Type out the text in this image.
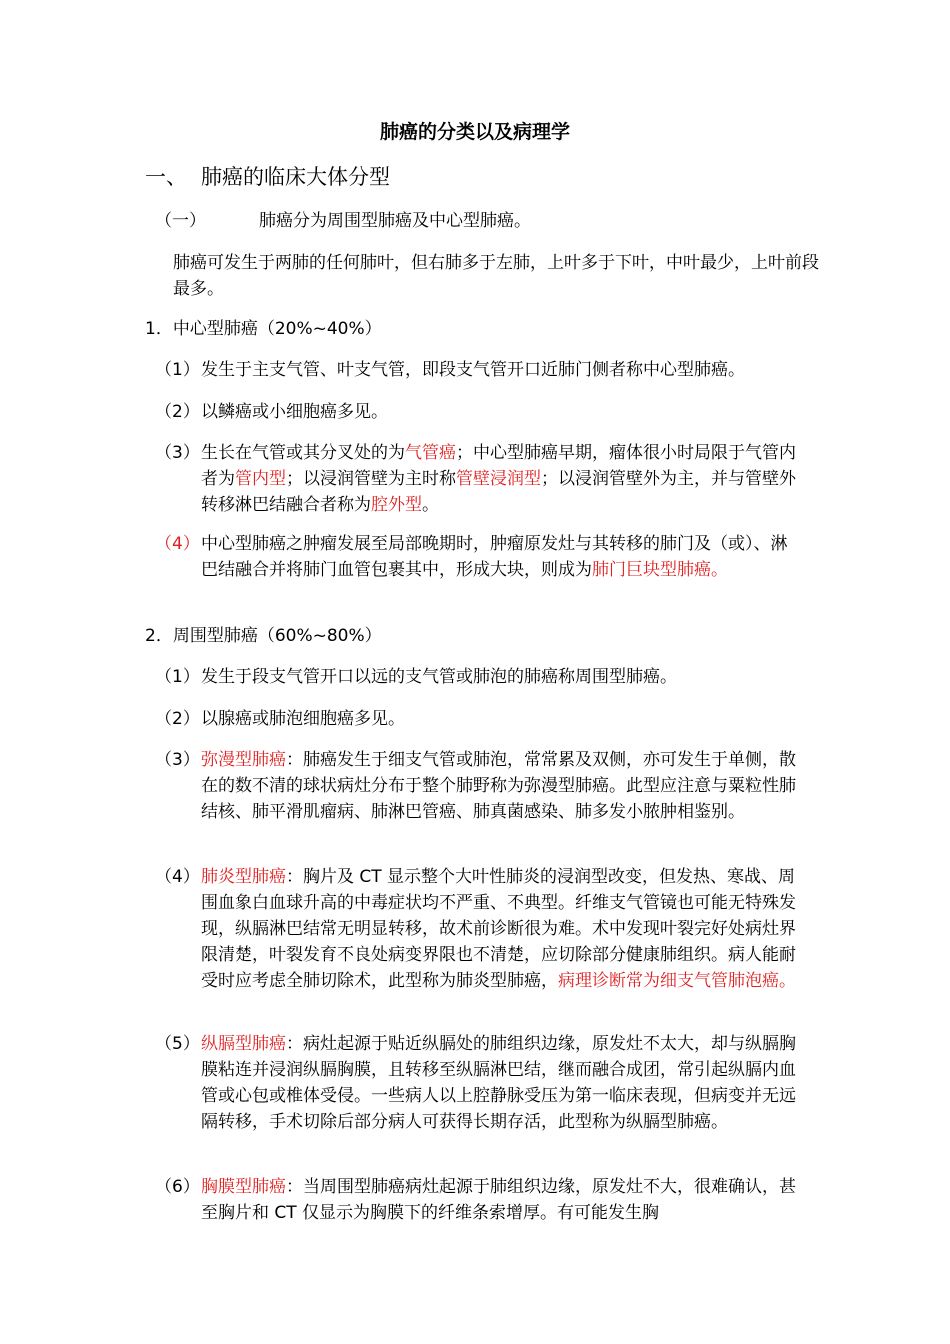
肺癌的分类以及病理学
一、 肺癌的临床大体分型
（一）	肺癌分为周围型肺癌及中心型肺癌。
肺癌可发生于两肺的任何肺叶，但右肺多于左肺，上叶多于下叶，中叶最少，上叶前段最多。
1．中心型肺癌（20%~40%）
（1） 发生于主支气管、叶支气管，即段支气管开口近肺门侧者称中心型肺癌。
（2） 以鳞癌或小细胞癌多见。
（3） 生长在气管或其分叉处的为气管癌；中心型肺癌早期，瘤体很小时局限于气管内者为管内型；以浸润管壁为主时称管壁浸润型；以浸润管壁外为主，并与管壁外转移淋巴结融合者称为腔外型。
（4） 中心型肺癌之肿瘤发展至局部晚期时，肿瘤原发灶与其转移的肺门及（或）、淋巴结融合并将肺门血管包裹其中，形成大块，则成为肺门巨块型肺癌。
2．周围型肺癌（60%~80%）
（1） 发生于段支气管开口以远的支气管或肺泡的肺癌称周围型肺癌。
（2） 以腺癌或肺泡细胞癌多见。
（3） 弥漫型肺癌：肺癌发生于细支气管或肺泡，常常累及双侧，亦可发生于单侧，散在的数不清的球状病灶分布于整个肺野称为弥漫型肺癌。此型应注意与粟粒性肺结核、肺平滑肌瘤病、肺淋巴管癌、肺真菌感染、肺多发小脓肿相鉴别。
（4） 肺炎型肺癌：胸片及 CT 显示整个大叶性肺炎的浸润型改变，但发热、寒战、周围血象白血球升高的中毒症状均不严重、不典型。纤维支气管镜也可能无特殊发现，纵膈淋巴结常无明显转移，故术前诊断很为难。术中发现叶裂完好处病灶界限清楚，叶裂发育不良处病变界限也不清楚，应切除部分健康肺组织。病人能耐受时应考虑全肺切除术，此型称为肺炎型肺癌，病理诊断常为细支气管肺泡癌。
（5） 纵膈型肺癌：病灶起源于贴近纵膈处的肺组织边缘，原发灶不太大，却与纵膈胸膜粘连并浸润纵膈胸膜，且转移至纵膈淋巴结，继而融合成团，常引起纵膈内血管或心包或椎体受侵。一些病人以上腔静脉受压为第一临床表现，但病变并无远隔转移，手术切除后部分病人可获得长期存活，此型称为纵膈型肺癌。
（6） 胸膜型肺癌：当周围型肺癌病灶起源于肺组织边缘，原发灶不大，很难确认，甚至胸片和 CT 仅显示为胸膜下的纤维条索增厚。有可能发生胸
